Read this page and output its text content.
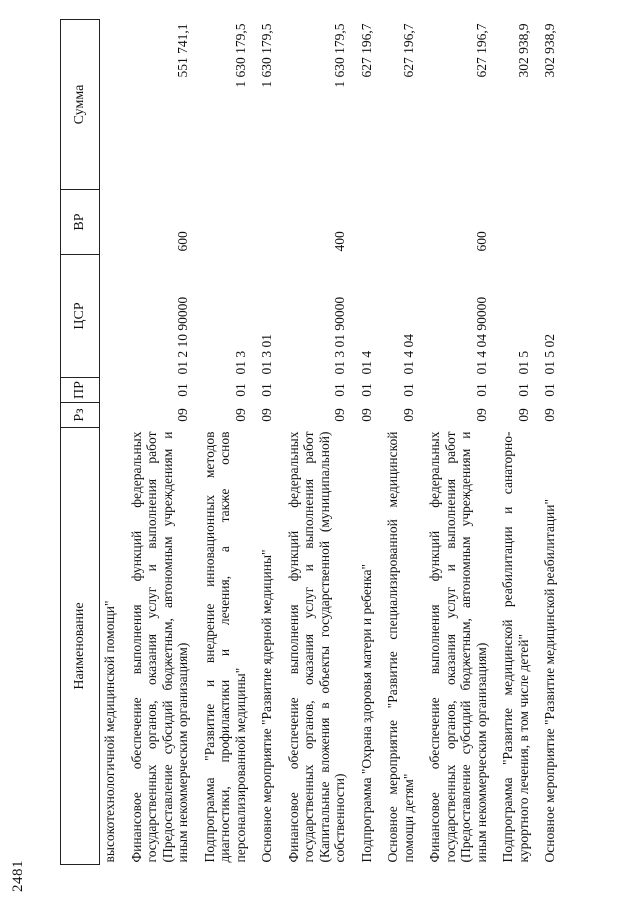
2481
Наименование	Рз	ПР	ЦСР	ВР	Сумма
высокотехнологичной медицинской помощи"					
Финансовое обеспечение выполнения функций федеральных государственных органов, оказания услуг и выполнения работ (Предоставление субсидий бюджетным, автономным учреждениям и иным некоммерческим организациям)	09	01	01 2 10 90000	600	551 741,1
Подпрограмма "Развитие и внедрение инновационных методов диагностики, профилактики и лечения, а также основ персонализированной медицины"	09	01	01 3		1 630 179,5
Основное мероприятие "Развитие ядерной медицины"	09	01	01 3 01		1 630 179,5
Финансовое обеспечение выполнения функций федеральных государственных органов, оказания услуг и выполнения работ (Капитальные вложения в объекты государственной (муниципальной) собственности)	09	01	01 3 01 90000	400	1 630 179,5
Подпрограмма "Охрана здоровья матери и ребенка"	09	01	01 4		627 196,7
Основное мероприятие "Развитие специализированной медицинской помощи детям"	09	01	01 4 04		627 196,7
Финансовое обеспечение выполнения функций федеральных государственных органов, оказания услуг и выполнения работ (Предоставление субсидий бюджетным, автономным учреждениям и иным некоммерческим организациям)	09	01	01 4 04 90000	600	627 196,7
Подпрограмма "Развитие медицинской реабилитации и санаторно-курортного лечения, в том числе детей"	09	01	01 5		302 938,9
Основное мероприятие "Развитие медицинской реабилитации"	09	01	01 5 02		302 938,9
